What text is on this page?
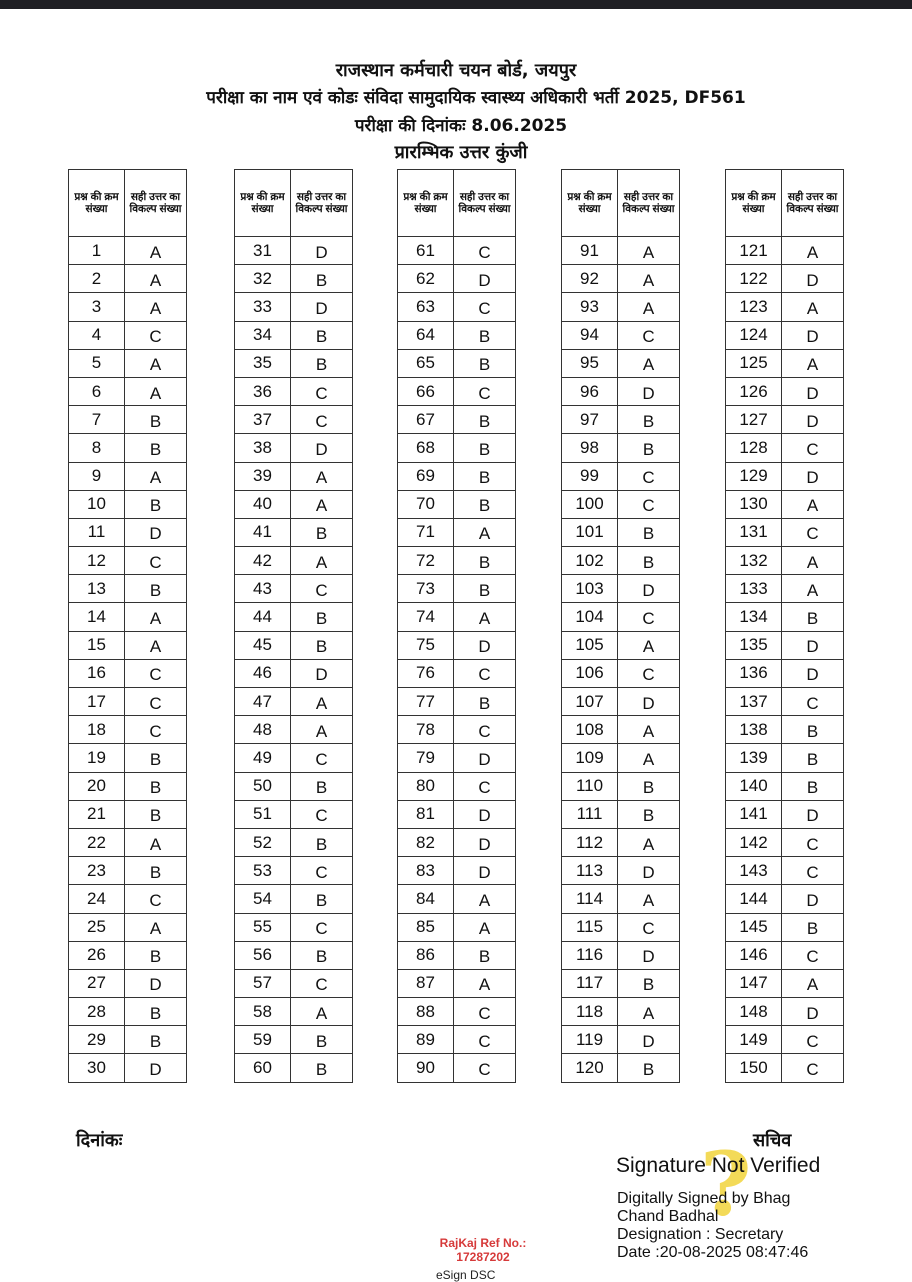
राजस्थान कर्मचारी चयन बोर्ड, जयपुर
परीक्षा का नाम एवं कोडः संविदा सामुदायिक स्वास्थ्य अधिकारी भर्ती 2025, DF561
परीक्षा की दिनांकः 8.06.2025
प्रारम्भिक उत्तर कुंजी
प्रश्न की क्रम संख्या	सही उत्तर का विकल्प संख्या
1	A
2	A
3	A
4	C
5	A
6	A
7	B
8	B
9	A
10	B
11	D
12	C
13	B
14	A
15	A
16	C
17	C
18	C
19	B
20	B
21	B
22	A
23	B
24	C
25	A
26	B
27	D
28	B
29	B
30	D
प्रश्न की क्रम संख्या	सही उत्तर का विकल्प संख्या
31	D
32	B
33	D
34	B
35	B
36	C
37	C
38	D
39	A
40	A
41	B
42	A
43	C
44	B
45	B
46	D
47	A
48	A
49	C
50	B
51	C
52	B
53	C
54	B
55	C
56	B
57	C
58	A
59	B
60	B
प्रश्न की क्रम संख्या	सही उत्तर का विकल्प संख्या
61	C
62	D
63	C
64	B
65	B
66	C
67	B
68	B
69	B
70	B
71	A
72	B
73	B
74	A
75	D
76	C
77	B
78	C
79	D
80	C
81	D
82	D
83	D
84	A
85	A
86	B
87	A
88	C
89	C
90	C
प्रश्न की क्रम संख्या	सही उत्तर का विकल्प संख्या
91	A
92	A
93	A
94	C
95	A
96	D
97	B
98	B
99	C
100	C
101	B
102	B
103	D
104	C
105	A
106	C
107	D
108	A
109	A
110	B
111	B
112	A
113	D
114	A
115	C
116	D
117	B
118	A
119	D
120	B
प्रश्न की क्रम संख्या	सही उत्तर का विकल्प संख्या
121	A
122	D
123	A
124	D
125	A
126	D
127	D
128	C
129	D
130	A
131	C
132	A
133	A
134	B
135	D
136	D
137	C
138	B
139	B
140	B
141	D
142	C
143	C
144	D
145	B
146	C
147	A
148	D
149	C
150	C
दिनांकः	सचिव
?
Signature Not Verified
Digitally Signed by Bhag
Chand Badhal
Designation : Secretary
Date :20-08-2025 08:47:46
RajKaj Ref No.:
17287202
eSign DSC
